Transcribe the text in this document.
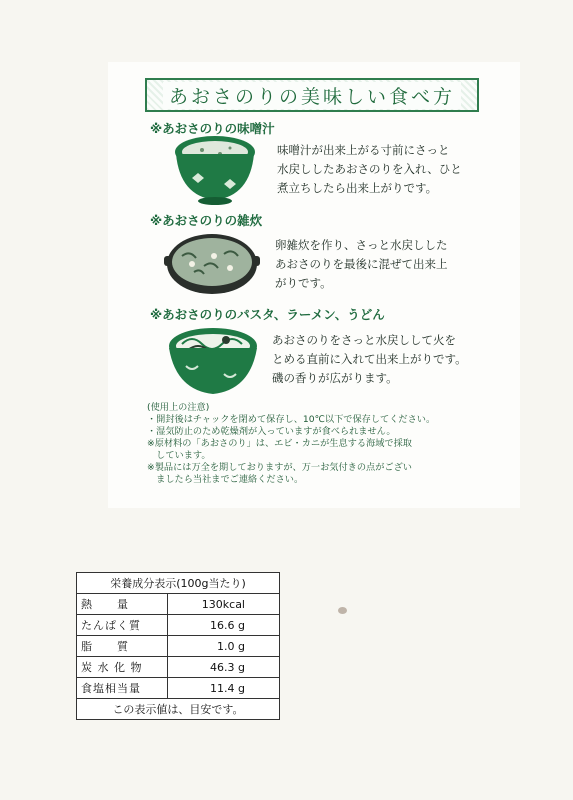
あおさのりの美味しい食べ方
※あおさのりの味噌汁
味噌汁が出来上がる寸前にさっと
水戻ししたあおさのりを入れ、ひと
煮立ちしたら出来上がりです。
※あおさのりの雑炊
卵雑炊を作り、さっと水戻しした
あおさのりを最後に混ぜて出来上
がりです。
※あおさのりのパスタ、ラーメン、うどん
あおさのりをさっと水戻しして火を
とめる直前に入れて出来上がりです。
磯の香りが広がります。
(使用上の注意)
・開封後はチャックを閉めて保存し、10℃以下で保存してください。
・湿気防止のため乾燥剤が入っていますが食べられません。
※原材料の「あおさのり」は、エビ・カニが生息する海域で採取
　しています。
※製品には万全を期しておりますが、万一お気付きの点がござい
　ましたら当社までご連絡ください。
栄養成分表示(100g当たり)	
熱　　量	130kcal
たんぱく質	16.6 g
脂　　質	1.0 g
炭 水 化 物	46.3 g
食塩相当量	11.4 g
この表示値は、目安です。	
